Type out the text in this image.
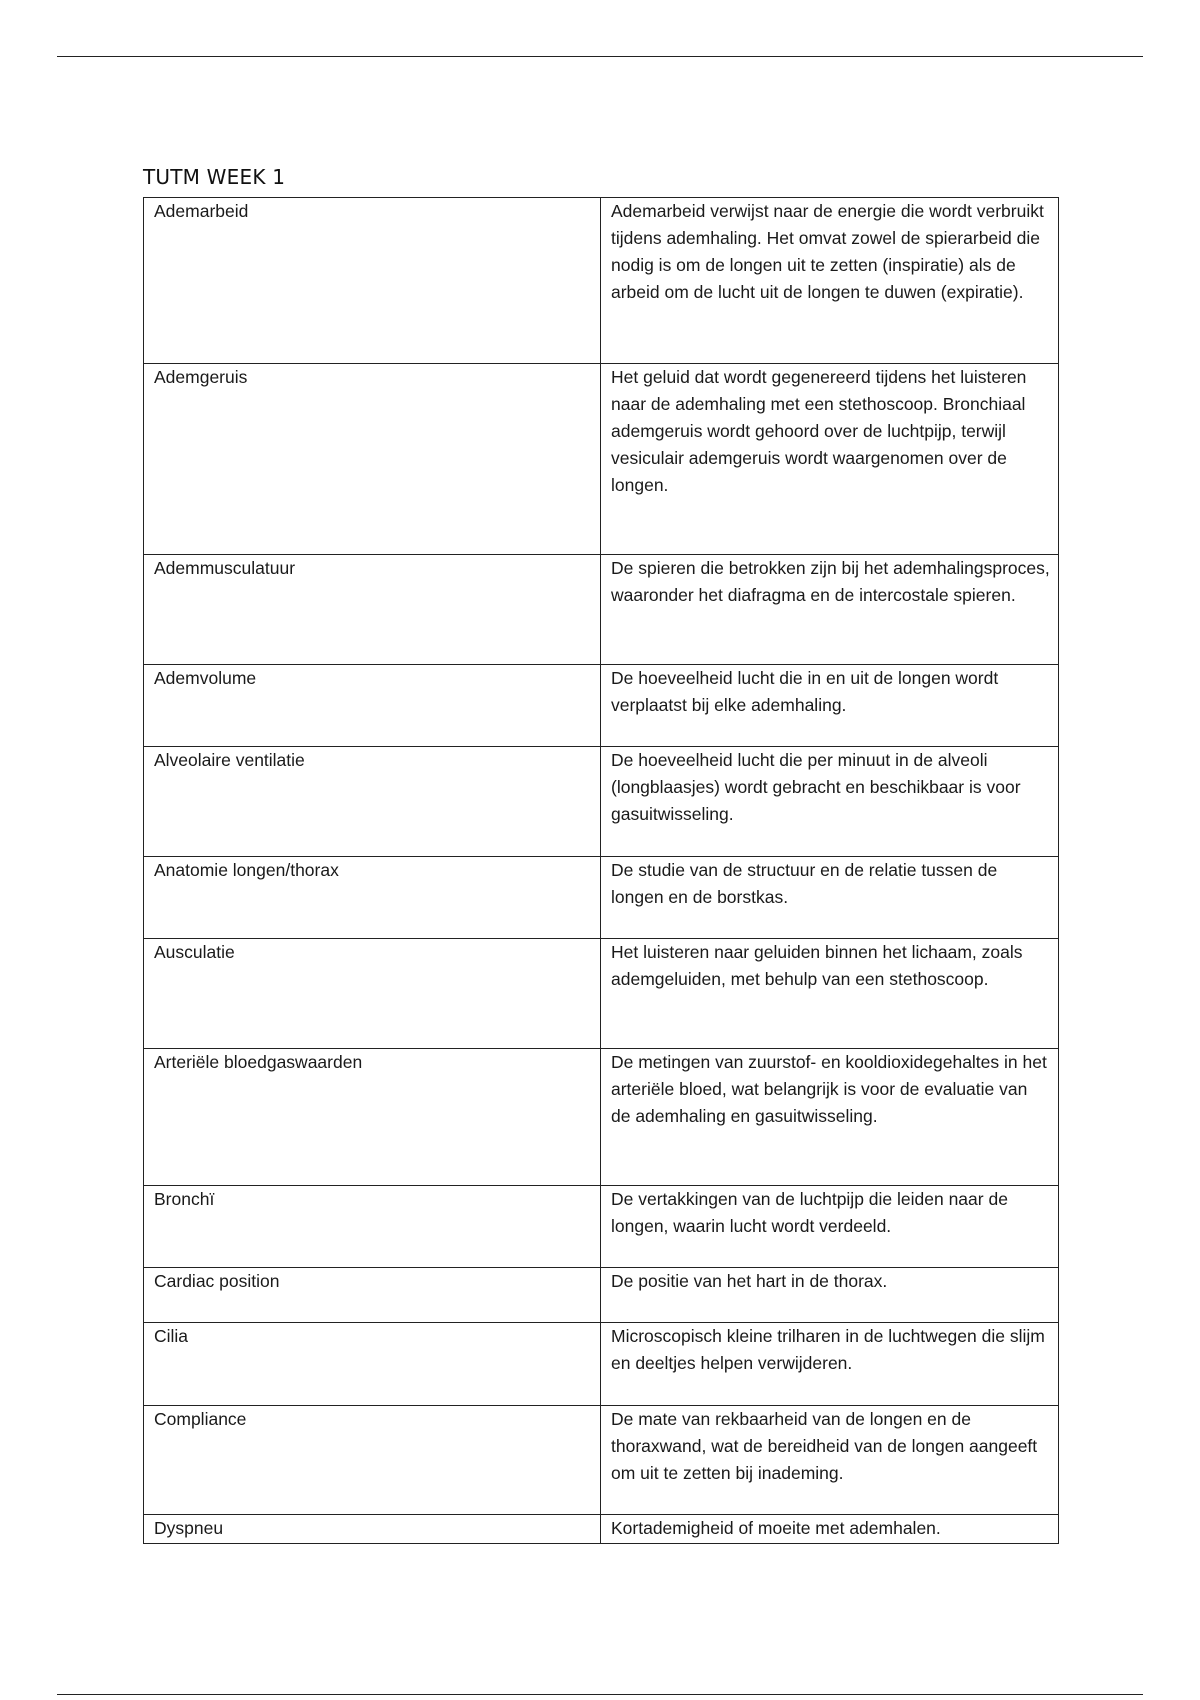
TUTM WEEK 1
Ademarbeid	Ademarbeid verwijst naar de energie die wordt verbruikt tijdens ademhaling. Het omvat zowel de spierarbeid die nodig is om de longen uit te zetten (inspiratie) als de arbeid om de lucht uit de longen te duwen (expiratie).
Ademgeruis	Het geluid dat wordt gegenereerd tijdens het luisteren naar de ademhaling met een stethoscoop. Bronchiaal ademgeruis wordt gehoord over de luchtpijp, terwijl vesiculair ademgeruis wordt waargenomen over de longen.
Ademmusculatuur	De spieren die betrokken zijn bij het ademhalingsproces, waaronder het diafragma en de intercostale spieren.
Ademvolume	De hoeveelheid lucht die in en uit de longen wordt verplaatst bij elke ademhaling.
Alveolaire ventilatie	De hoeveelheid lucht die per minuut in de alveoli (longblaasjes) wordt gebracht en beschikbaar is voor gasuitwisseling.
Anatomie longen/thorax	De studie van de structuur en de relatie tussen de longen en de borstkas.
Ausculatie	Het luisteren naar geluiden binnen het lichaam, zoals ademgeluiden, met behulp van een stethoscoop.
Arteriële bloedgaswaarden	De metingen van zuurstof- en kooldioxidegehaltes in het arteriële bloed, wat belangrijk is voor de evaluatie van de ademhaling en gasuitwisseling.
Bronchï	De vertakkingen van de luchtpijp die leiden naar de longen, waarin lucht wordt verdeeld.
Cardiac position	De positie van het hart in de thorax.
Cilia	Microscopisch kleine trilharen in de luchtwegen die slijm en deeltjes helpen verwijderen.
Compliance	De mate van rekbaarheid van de longen en de thoraxwand, wat de bereidheid van de longen aangeeft om uit te zetten bij inademing.
Dyspneu	Kortademigheid of moeite met ademhalen.
